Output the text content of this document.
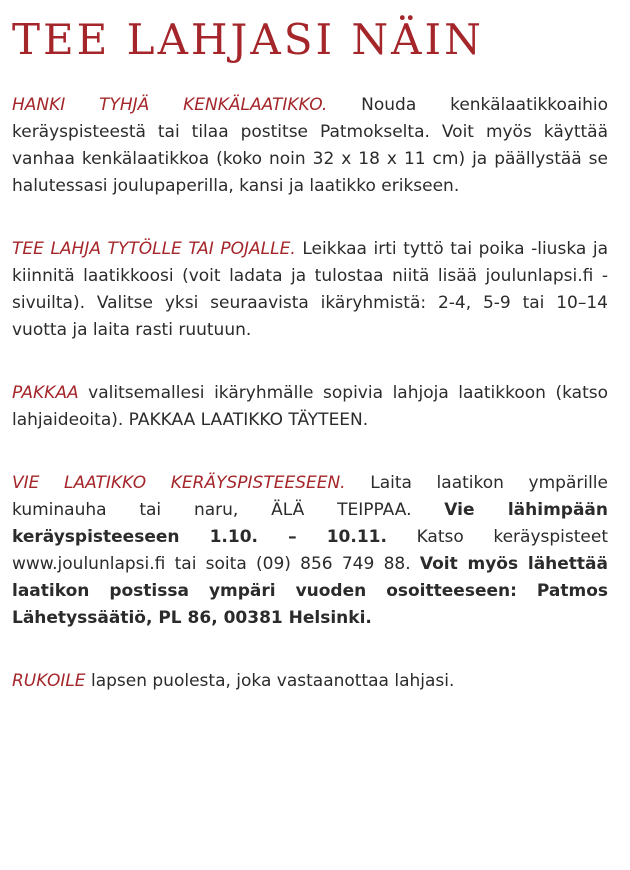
TEE LAHJASI NÄIN

HANKI TYHJÄ KENKÄLAATIKKO. Nouda kenkälaatikkoaihio keräyspisteestä tai tilaa postitse Patmokselta. Voit myös käyttää vanhaa kenkälaatikkoa (koko noin 32 x 18 x 11 cm) ja päällystää se halutessasi joulupaperilla, kansi ja laatikko erikseen.

TEE LAHJA TYTÖLLE TAI POJALLE. Leikkaa irti tyttö tai poika -liuska ja kiinnitä laatikkoosi (voit ladata ja tulostaa niitä lisää joulunlapsi.fi -sivuilta). Valitse yksi seuraavista ikäryhmistä: 2-4, 5-9 tai 10–14 vuotta ja laita rasti ruutuun.

PAKKAA valitsemallesi ikäryhmälle sopivia lahjoja laatikkoon (katso lahjaideoita). PAKKAA LAATIKKO TÄYTEEN.

VIE LAATIKKO KERÄYSPISTEESEEN. Laita laatikon ympärille kuminauha tai naru, ÄLÄ TEIPPAA. Vie lähimpään keräyspisteeseen 1.10. – 10.11. Katso keräyspisteet www.joulunlapsi.fi tai soita (09) 856 749 88. Voit myös lähettää laatikon postissa ympäri vuoden osoitteeseen: Patmos Lähetyssäätiö, PL 86, 00381 Helsinki.

RUKOILE lapsen puolesta, joka vastaanottaa lahjasi.
